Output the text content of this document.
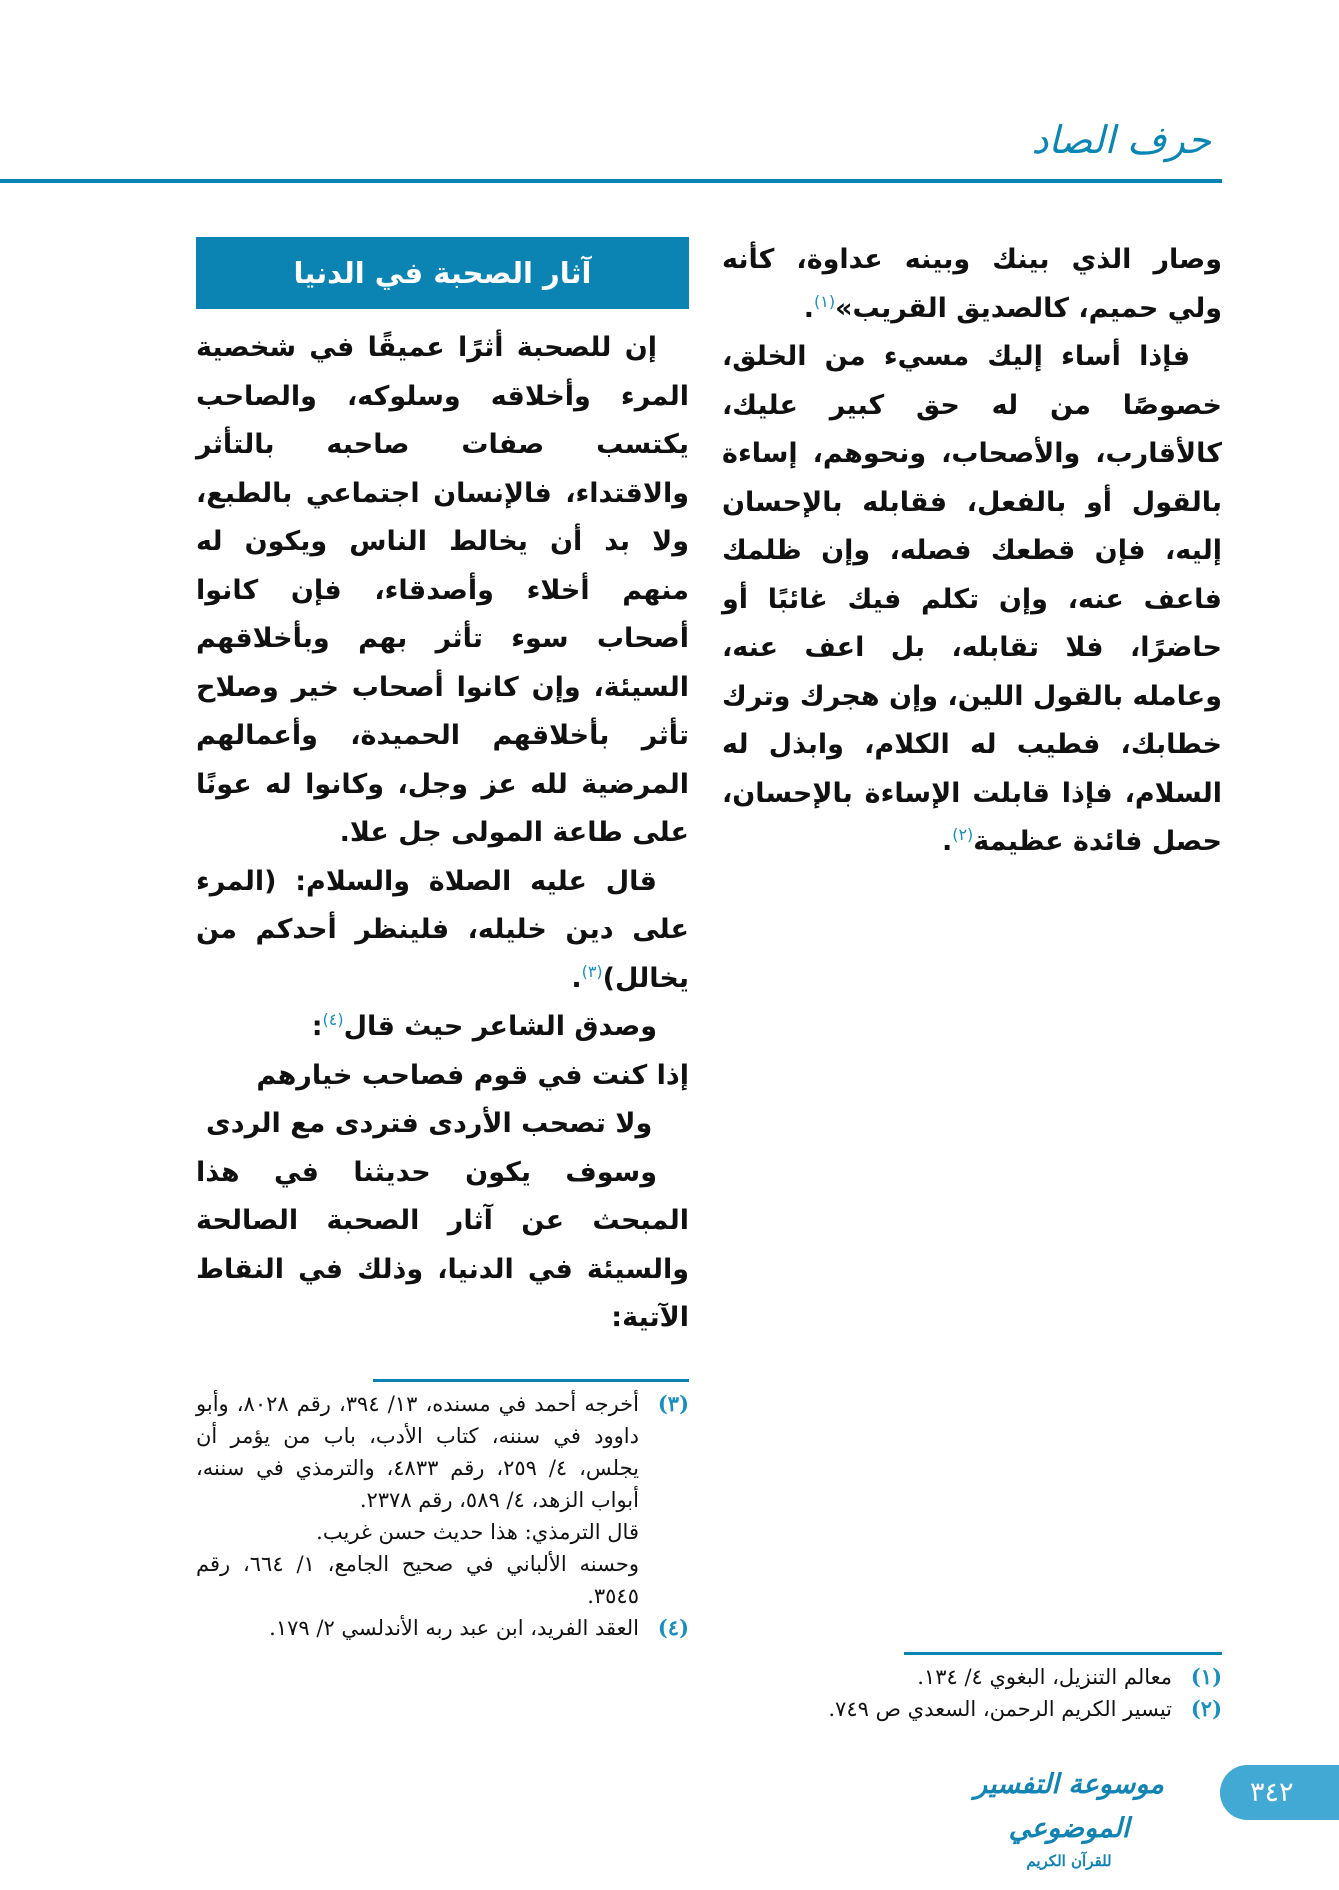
حرف الصاد

وصار الذي بينك وبينه عداوة، كأنه ولي حميم، كالصديق القريب»$^{(١)}$.

فإذا أساء إليك مسيء من الخلق، خصوصًا من له حق كبير عليك، كالأقارب، والأصحاب، ونحوهم، إساءة بالقول أو بالفعل، فقابله بالإحسان إليه، فإن قطعك فصله، وإن ظلمك فاعف عنه، وإن تكلم فيك غائبًا أو حاضرًا، فلا تقابله، بل اعف عنه، وعامله بالقول اللين، وإن هجرك وترك خطابك، فطيب له الكلام، وابذل له السلام، فإذا قابلت الإساءة بالإحسان، حصل فائدة عظيمة$^{(٢)}$.

آثار الصحبة في الدنيا

إن للصحبة أثرًا عميقًا في شخصية المرء وأخلاقه وسلوكه، والصاحب يكتسب صفات صاحبه بالتأثر والاقتداء، فالإنسان اجتماعي بالطبع، ولا بد أن يخالط الناس ويكون له منهم أخلاء وأصدقاء، فإن كانوا أصحاب سوء تأثر بهم وبأخلاقهم السيئة، وإن كانوا أصحاب خير وصلاح تأثر بأخلاقهم الحميدة، وأعمالهم المرضية لله عز وجل، وكانوا له عونًا على طاعة المولى جل علا.

قال عليه الصلاة والسلام: (المرء على دين خليله، فلينظر أحدكم من يخالل)$^{(٣)}$.

وصدق الشاعر حيث قال$^{(٤)}$:

إذا كنت في قوم فصاحب خيارهم

ولا تصحب الأردى فتردى مع الردى

وسوف يكون حديثنا في هذا المبحث عن آثار الصحبة الصالحة والسيئة في الدنيا، وذلك في النقاط الآتية:

(٣)
أخرجه أحمد في مسنده، ١٣/ ٣٩٤، رقم ٨٠٢٨، وأبو داوود في سننه، كتاب الأدب، باب من يؤمر أن يجلس، ٤/ ٢٥٩، رقم ٤٨٣٣، والترمذي في سننه، أبواب الزهد، ٤/ ٥٨٩، رقم ٢٣٧٨.
قال الترمذي: هذا حديث حسن غريب.
وحسنه الألباني في صحيح الجامع، ١/ ٦٦٤، رقم ٣٥٤٥.
(٤)
العقد الفريد، ابن عبد ربه الأندلسي ٢/ ١٧٩.
(١)
معالم التنزيل، البغوي ٤/ ١٣٤.
(٢)
تيسير الكريم الرحمن، السعدي ص ٧٤٩.
موسوعة التفسير الموضوعي
للقرآن الكريم
٣٤٢
